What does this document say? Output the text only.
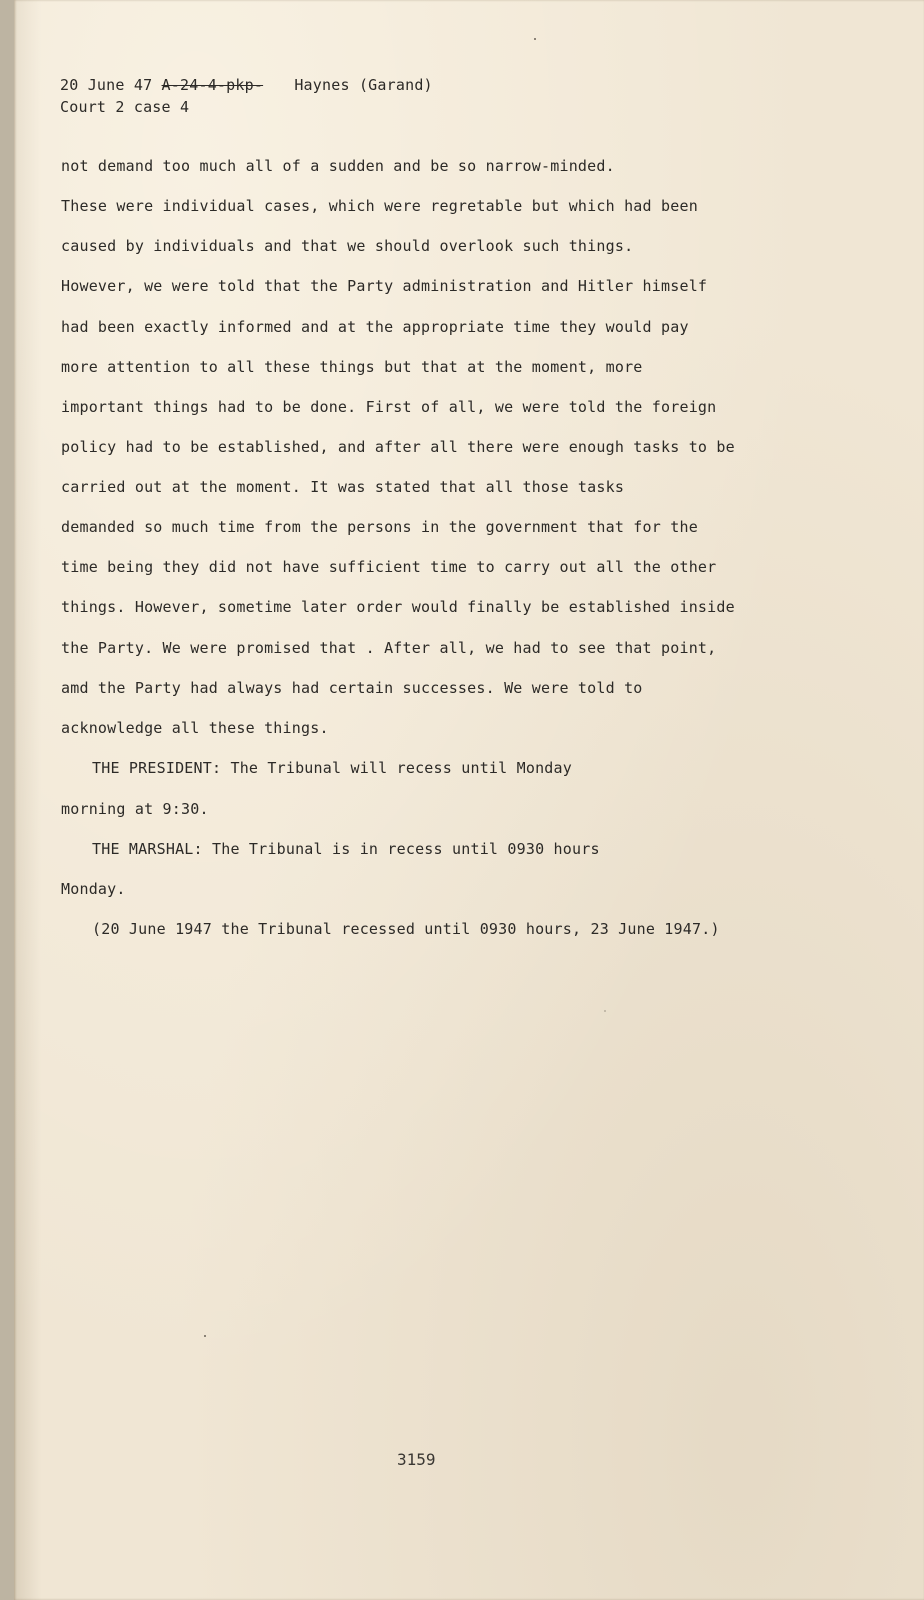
20 June 47 A-24-4-pkp- Haynes (Garand)
Court 2 case 4
not demand too much all of a sudden and be so narrow-minded.
These were individual cases, which were regretable but which had been
caused by individuals and that we should overlook such things.
However, we were told that the Party administration and Hitler himself
had been exactly informed and at the appropriate time they would pay
more attention to all these things but that at the moment, more
important things had to be done. First of all, we were told the foreign
policy had to be established, and after all there were enough tasks to be
carried out at the moment. It was stated that all those tasks
demanded so much time from the persons in the government that for the
time being they did not have sufficient time to carry out all the other
things. However, sometime later order would finally be established inside
the Party. We were promised that . After all, we had to see that point,
amd the Party had always had certain successes. We were told to
acknowledge all these things.
THE PRESIDENT: The Tribunal will recess until Monday
morning at 9:30.
THE MARSHAL: The Tribunal is in recess until 0930 hours
Monday.
(20 June 1947 the Tribunal recessed until 0930 hours, 23 June 1947.)
3159
